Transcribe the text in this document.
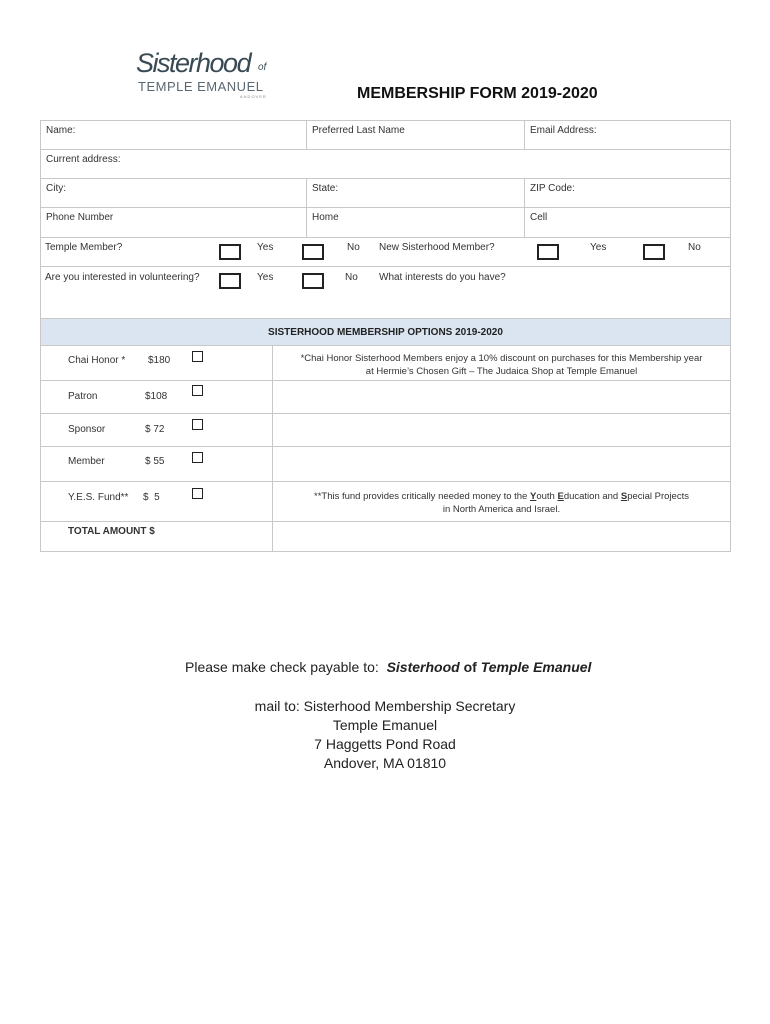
Sisterhood of
TEMPLE EMANUEL
ANDOVER	MEMBERSHIP FORM 2019-2020
Name:	Preferred Last Name	Email Address:
Current address:
City:	State:	ZIP Code:
Phone Number	Home	Cell
Temple Member?	Yes	No New Sisterhood Member?	Yes	No
Are you interested in volunteering?	Yes	No What interests do you have?
SISTERHOOD MEMBERSHIP OPTIONS 2019-2020
Chai Honor * $180
Patron	$108
Sponsor	$ 72
Member	$ 55
Y.E.S. Fund** $  5
TOTAL AMOUNT $
*Chai Honor Sisterhood Members enjoy a 10% discount on purchases for this Membership year
at Hermie’s Chosen Gift – The Judaica Shop at Temple Emanuel
**This fund provides critically needed money to the Youth Education and Special Projects
in North America and Israel.
Please make check payable to: Sisterhood of Temple Emanuel
mail to: Sisterhood Membership Secretary
Temple Emanuel
7 Haggetts Pond Road
Andover, MA 01810
